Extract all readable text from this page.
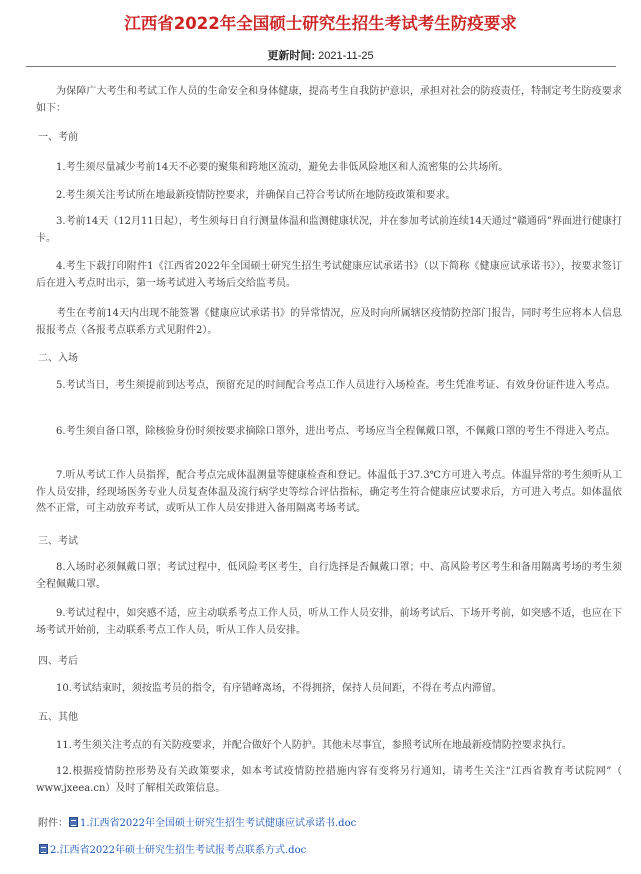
江西省2022年全国硕士研究生招生考试考生防疫要求
更新时间: 2021-11-25

为保障广大考生和考试工作人员的生命安全和身体健康，提高考生自我防护意识，承担对社会的防疫责任，特制定考生防疫要求如下：

一、考前

1.考生须尽量减少考前14天不必要的聚集和跨地区流动，避免去非低风险地区和人流密集的公共场所。

2.考生须关注考试所在地最新疫情防控要求，并确保自己符合考试所在地防疫政策和要求。

3.考前14天（12月11日起），考生须每日自行测量体温和监测健康状况，并在参加考试前连续14天通过“赣通码”界面进行健康打卡。

4.考生下载打印附件1《江西省2022年全国硕士研究生招生考试健康应试承诺书》（以下简称《健康应试承诺书》），按要求签订后在进入考点时出示，第一场考试进入考场后交给监考员。

考生在考前14天内出现不能签署《健康应试承诺书》的异常情况，应及时向所属辖区疫情防控部门报告，同时考生应将本人信息报报考点（各报考点联系方式见附件2）。

二、入场

5.考试当日，考生须提前到达考点，预留充足的时间配合考点工作人员进行入场检查。考生凭准考证、有效身份证件进入考点。

6.考生须自备口罩，除核验身份时须按要求摘除口罩外，进出考点、考场应当全程佩戴口罩，不佩戴口罩的考生不得进入考点。

7.听从考试工作人员指挥，配合考点完成体温测量等健康检查和登记。体温低于37.3℃方可进入考点。体温异常的考生须听从工作人员安排，经现场医务专业人员复查体温及流行病学史等综合评估指标，确定考生符合健康应试要求后，方可进入考点。如体温依然不正常，可主动放弃考试，或听从工作人员安排进入备用隔离考场考试。

三、考试

8.入场时必须佩戴口罩；考试过程中，低风险考区考生，自行选择是否佩戴口罩；中、高风险考区考生和备用隔离考场的考生须全程佩戴口罩。

9.考试过程中，如突感不适，应主动联系考点工作人员，听从工作人员安排，前场考试后、下场开考前，如突感不适，也应在下场考试开始前，主动联系考点工作人员，听从工作人员安排。

四、考后

10.考试结束时，须按监考员的指令，有序错峰离场，不得拥挤，保持人员间距，不得在考点内滞留。

五、其他

11.考生须关注考点的有关防疫要求，并配合做好个人防护。其他未尽事宜，参照考试所在地最新疫情防控要求执行。

12.根据疫情防控形势及有关政策要求，如本考试疫情防控措施内容有变将另行通知，请考生关注“江西省教育考试院网”（　www.jxeea.cn）及时了解相关政策信息。

附件： 1.江西省2022年全国硕士研究生招生考试健康应试承诺书.doc
2.江西省2022年硕士研究生招生考试报考点联系方式.doc
